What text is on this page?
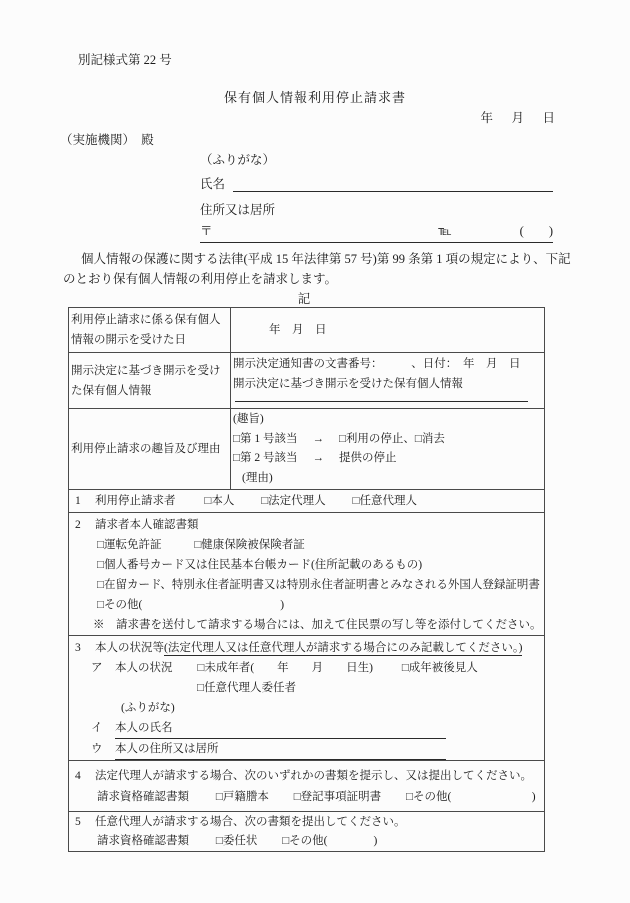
別記様式第 22 号
保有個人情報利用停止請求書
年　月　日
（実施機関）　殿
（ふりがな）
氏名
住所又は居所
〒	℡	(　　)
個人情報の保護に関する法律(平成 15 年法律第 57 号)第 99 条第 1 項の規定により、下記
のとおり保有個人情報の利用停止を請求します。
記
利用停止請求に係る保有個人情報の開示を受けた日	年　月　日
開示決定に基づき開示を受けた保有個人情報	開示決定通知書の文書番号：　　　、日付：　年　月　日
開示決定に基づき開示を受けた保有個人情報

利用停止請求の趣旨及び理由	(趣旨)
□第 1 号該当 → □利用の停止、□消去
□第 2 号該当 → 提供の停止
(理由)

1 利用停止請求者 □本人 □法定代理人 □任意代理人	

2 請求者本人確認書類
□運転免許証	□健康保険被保険者証
□個人番号カード又は住民基本台帳カード(住所記載のあるもの)
□在留カード、特別永住者証明書又は特別永住者証明書とみなされる外国人登録証明書
□その他(　　　　　　　　　　　　)
※　請求書を送付して請求する場合には、加えて住民票の写し等を添付してください。

3 本人の状況等(法定代理人又は任意代理人が請求する場合にのみ記載してください。)
ア 本人の状況 □未成年者(　　年　　月　　日生)	□成年被後見人
□任意代理人委任者
(ふりがな)
イ 本人の氏名
ウ 本人の住所又は居所

4 法定代理人が請求する場合、次のいずれかの書類を提示し、又は提出してください。
請求資格確認書類 □戸籍謄本 □登記事項証明書 □その他(　　　　　　　)	

5 任意代理人が請求する場合、次の書類を提出してください。
請求資格確認書類 □委任状 □その他(　　　　)	
